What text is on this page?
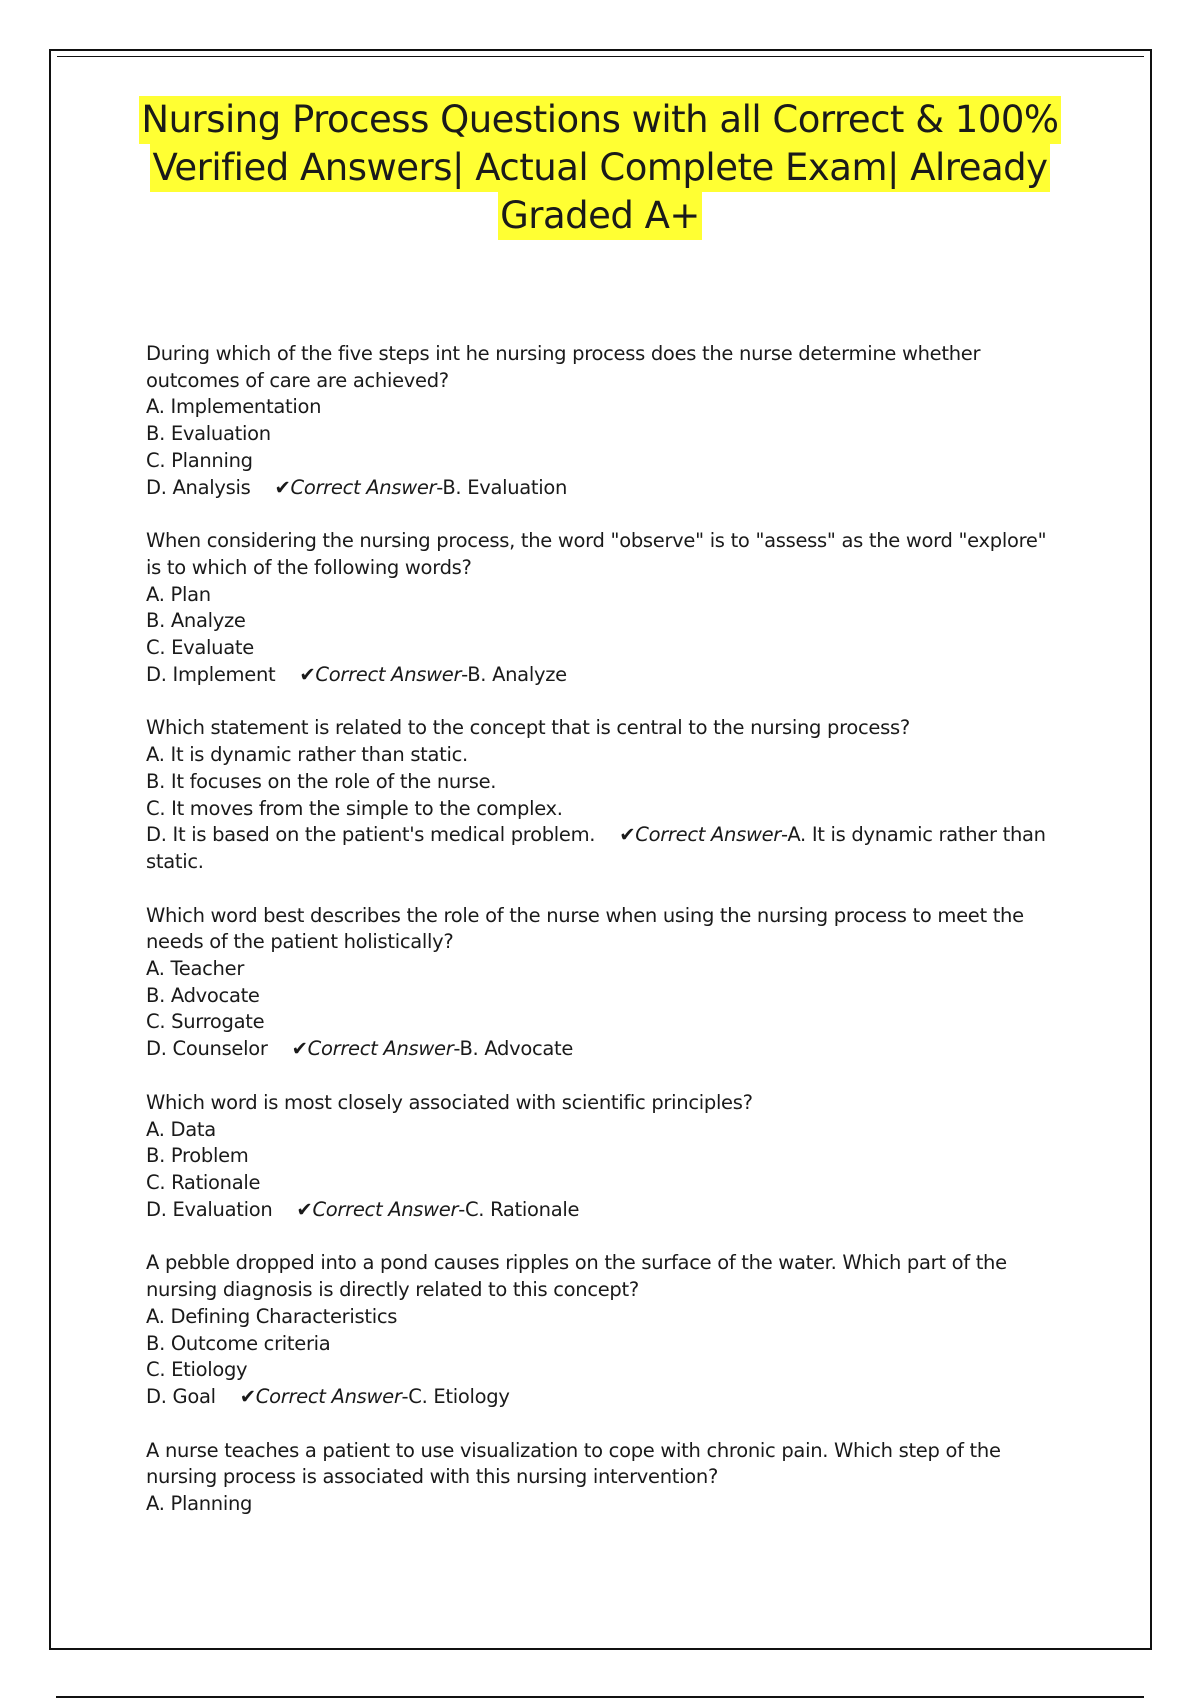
Nursing Process Questions with all Correct & 100%
Verified Answers| Actual Complete Exam| Already
Graded A+

During which of the five steps int he nursing process does the nurse determine whether outcomes of care are achieved?

A. Implementation

B. Evaluation

C. Planning

D. Analysis ✔Correct Answer-B. Evaluation

When considering the nursing process, the word "observe" is to "assess" as the word "explore" is to which of the following words?

A. Plan

B. Analyze

C. Evaluate

D. Implement ✔Correct Answer-B. Analyze

Which statement is related to the concept that is central to the nursing process?

A. It is dynamic rather than static.

B. It focuses on the role of the nurse.

C. It moves from the simple to the complex.

D. It is based on the patient's medical problem. ✔Correct Answer-A. It is dynamic rather than static.

Which word best describes the role of the nurse when using the nursing process to meet the needs of the patient holistically?

A. Teacher

B. Advocate

C. Surrogate

D. Counselor ✔Correct Answer-B. Advocate

Which word is most closely associated with scientific principles?

A. Data

B. Problem

C. Rationale

D. Evaluation ✔Correct Answer-C. Rationale

A pebble dropped into a pond causes ripples on the surface of the water. Which part of the nursing diagnosis is directly related to this concept?

A. Defining Characteristics

B. Outcome criteria

C. Etiology

D. Goal ✔Correct Answer-C. Etiology

A nurse teaches a patient to use visualization to cope with chronic pain. Which step of the nursing process is associated with this nursing intervention?

A. Planning
